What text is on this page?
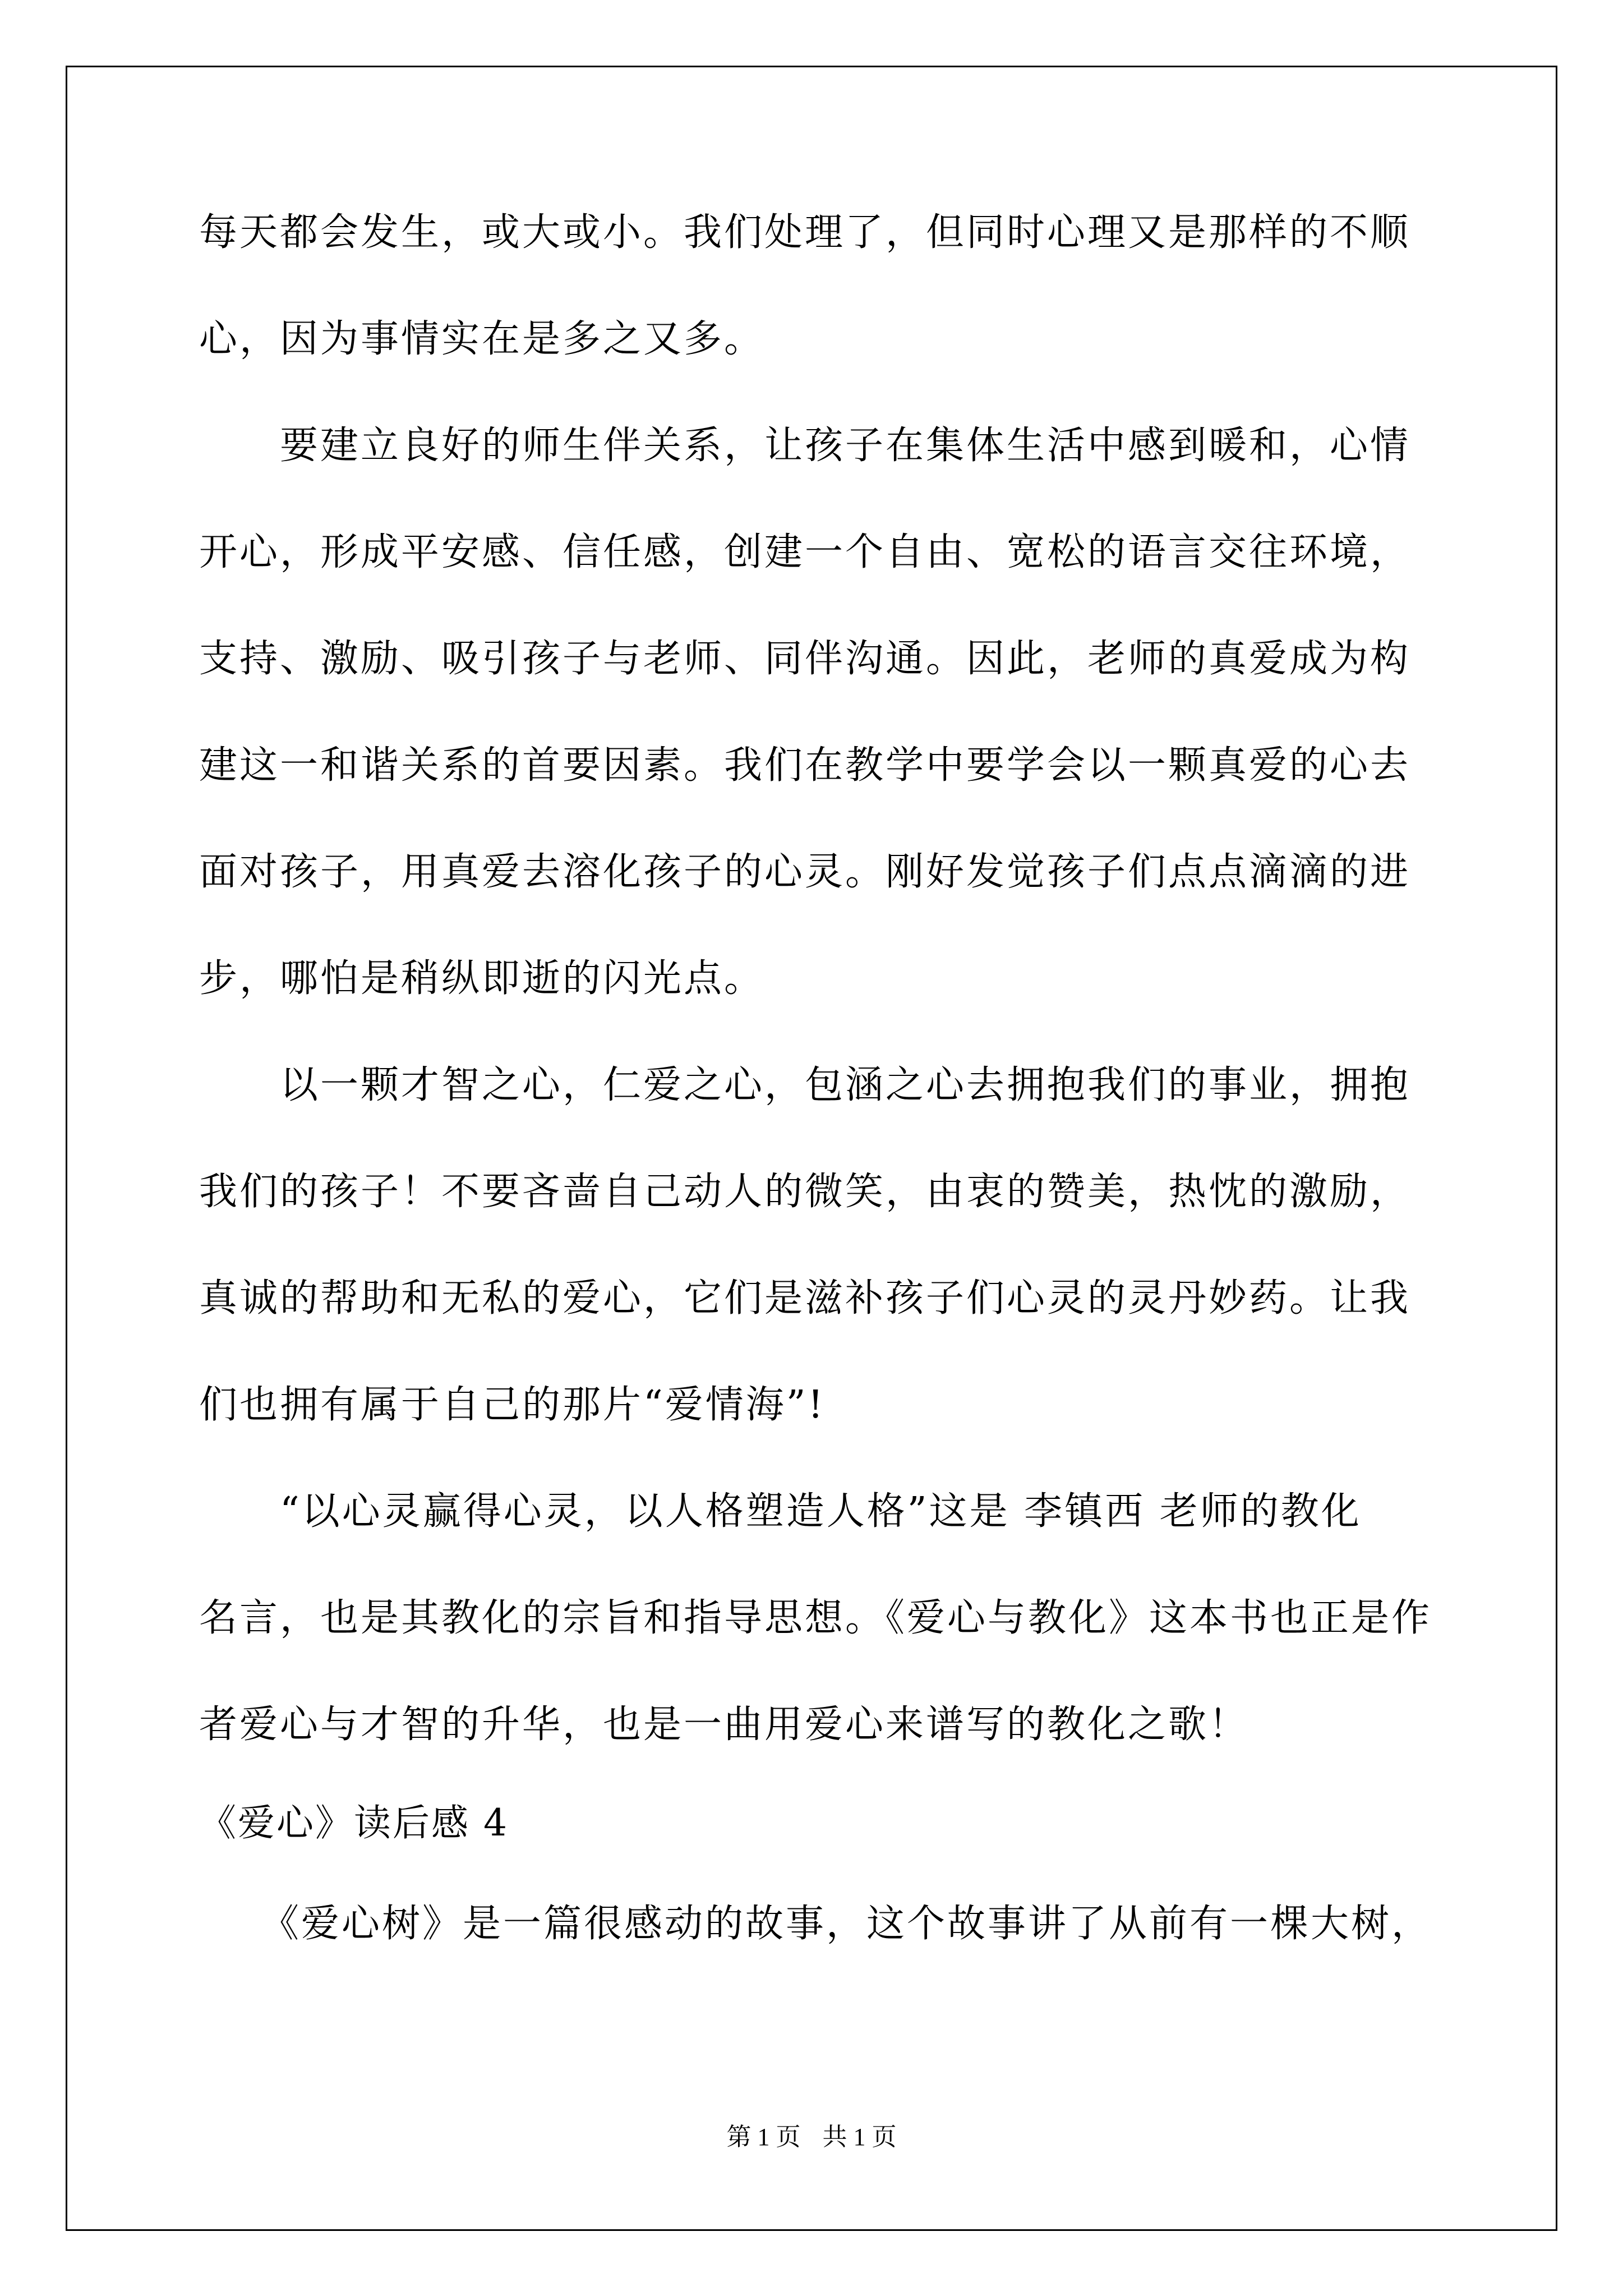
每天都会发生，或大或小。我们处理了，但同时心理又是那样的不顺
心，因为事情实在是多之又多。
　　要建立良好的师生伴关系，让孩子在集体生活中感到暖和，心情
开心，形成平安感、信任感，创建一个自由、宽松的语言交往环境，
支持、激励、吸引孩子与老师、同伴沟通。因此，老师的真爱成为构
建这一和谐关系的首要因素。我们在教学中要学会以一颗真爱的心去
面对孩子，用真爱去溶化孩子的心灵。刚好发觉孩子们点点滴滴的进
步，哪怕是稍纵即逝的闪光点。
　　以一颗才智之心，仁爱之心，包涵之心去拥抱我们的事业，拥抱
我们的孩子！不要吝啬自己动人的微笑，由衷的赞美，热忱的激励，
真诚的帮助和无私的爱心，它们是滋补孩子们心灵的灵丹妙药。让我
们也拥有属于自己的那片“爱情海”!
　　“以心灵赢得心灵，以人格塑造人格”这是 李镇西 老师的教化
名言，也是其教化的宗旨和指导思想。《爱心与教化》这本书也正是作
者爱心与才智的升华，也是一曲用爱心来谱写的教化之歌！
《爱心》读后感 4
　　《爱心树》是一篇很感动的故事，这个故事讲了从前有一棵大树，
第 1 页 共 1 页
